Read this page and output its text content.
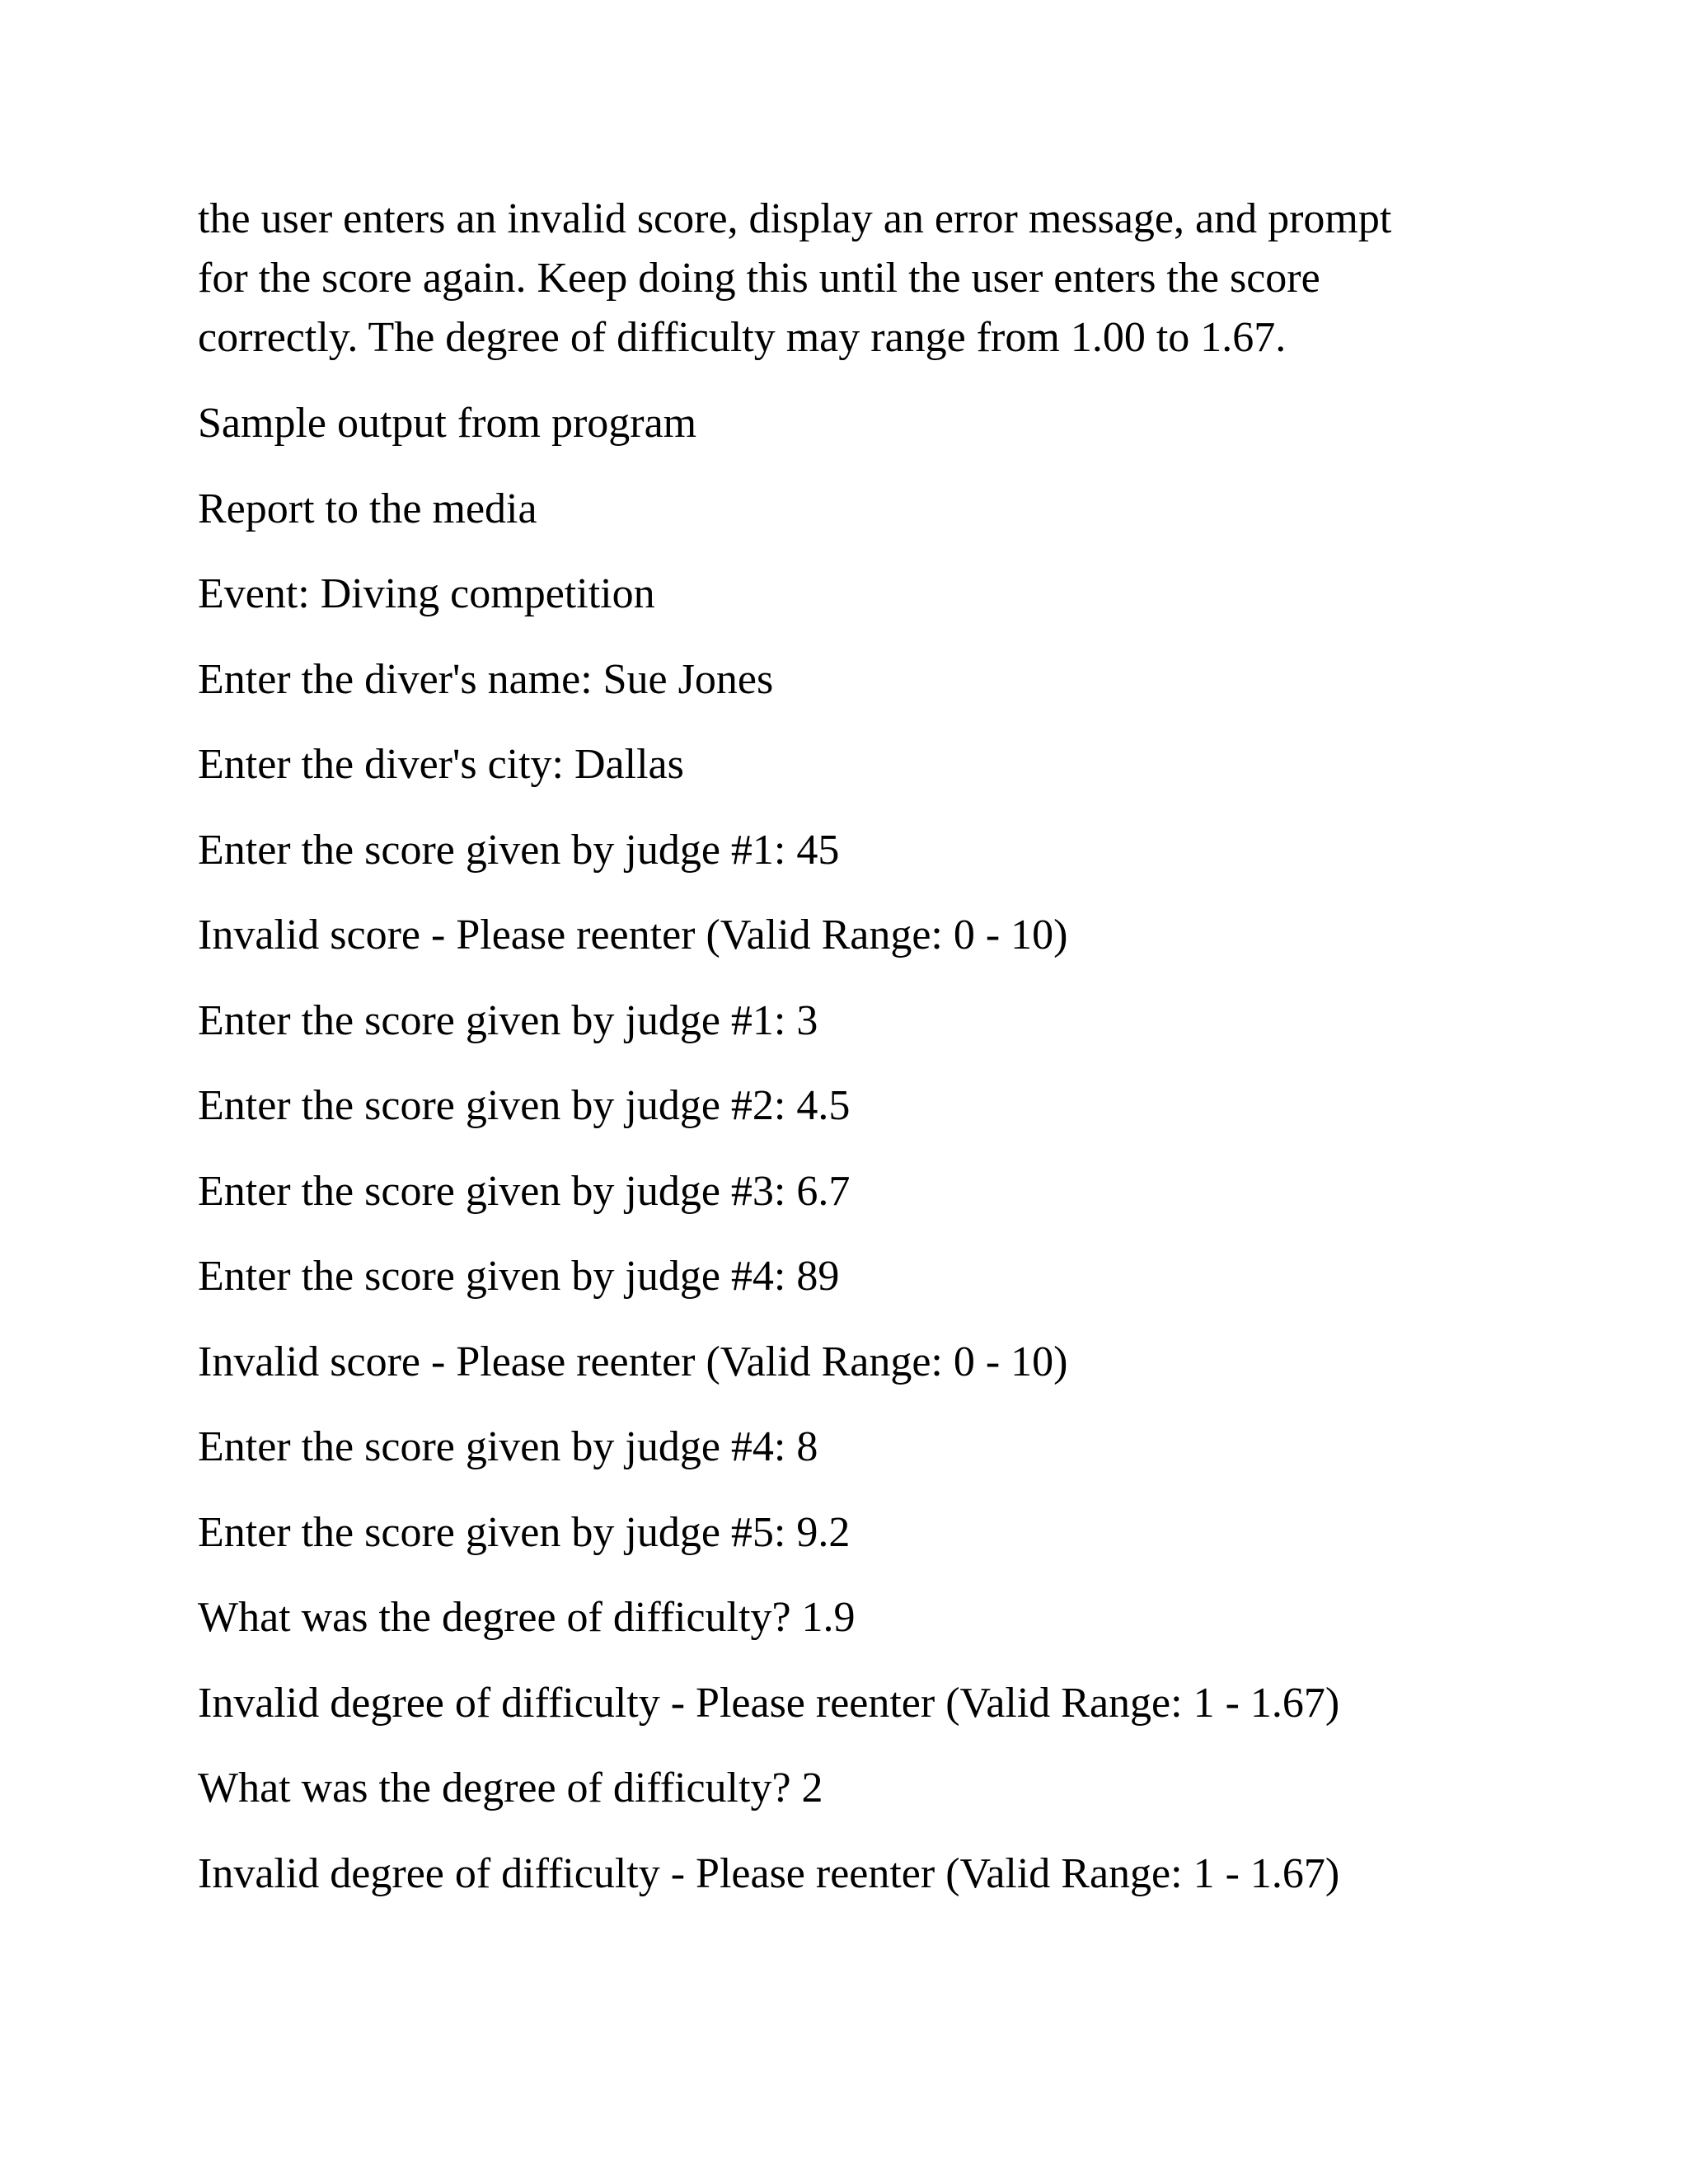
the user enters an invalid score, display an error message, and prompt
for the score again. Keep doing this until the user enters the score
correctly. The degree of difficulty may range from 1.00 to 1.67.

Sample output from program
Report to the media
Event: Diving competition
Enter the diver's name: Sue Jones
Enter the diver's city: Dallas
Enter the score given by judge #1: 45
Invalid score - Please reenter (Valid Range: 0 - 10)
Enter the score given by judge #1: 3
Enter the score given by judge #2: 4.5
Enter the score given by judge #3: 6.7
Enter the score given by judge #4: 89
Invalid score - Please reenter (Valid Range: 0 - 10)
Enter the score given by judge #4: 8
Enter the score given by judge #5: 9.2
What was the degree of difficulty? 1.9
Invalid degree of difficulty - Please reenter (Valid Range: 1 - 1.67)
What was the degree of difficulty? 2
Invalid degree of difficulty - Please reenter (Valid Range: 1 - 1.67)
